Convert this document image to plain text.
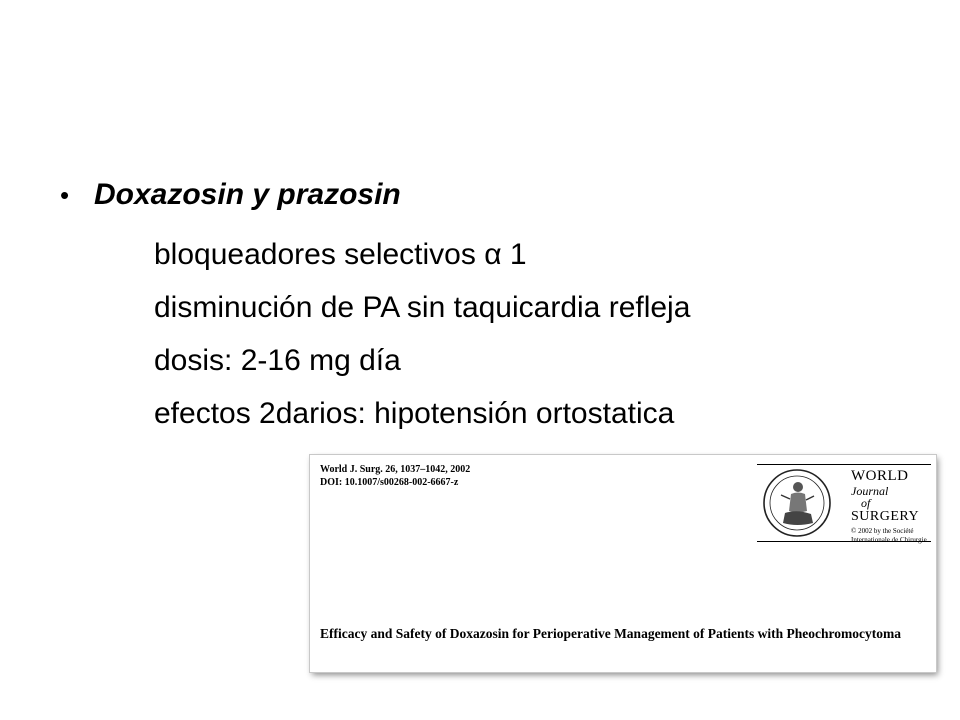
• Doxazosin y prazosin
bloqueadores selectivos α 1
disminución de PA sin taquicardia refleja
dosis: 2-16 mg día
efectos 2darios: hipotensión ortostatica
World J. Surg. 26, 1037–1042, 2002
DOI: 10.1007/s00268-002-6667-z	WORLD
Journal
of
SURGERY
© 2002 by the Société
Internationale de Chirurgie
Efficacy and Safety of Doxazosin for Perioperative Management of Patients with Pheochromocytoma
